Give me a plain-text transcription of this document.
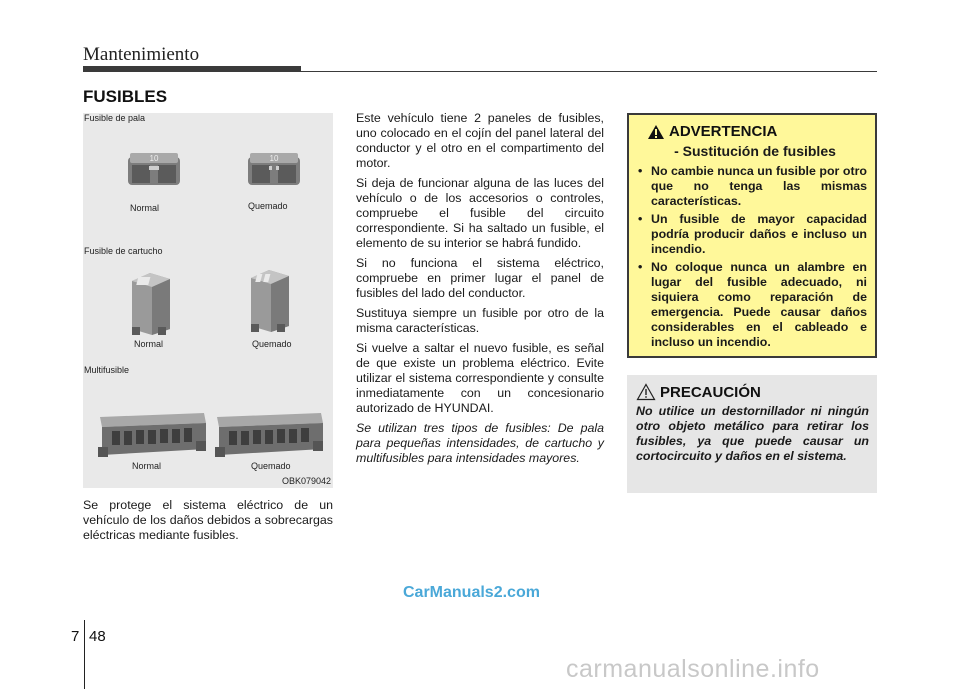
Mantenimiento
FUSIBLES
Fusible de pala
10	10
Normal	Quemado
Fusible de cartucho
Normal	Quemado
Multifusible
Normal	Quemado
OBK079042

Se protege el sistema eléctrico de un vehículo de los daños debidos a sobrecargas eléctricas mediante fusibles.

Este vehículo tiene 2 paneles de fusibles, uno colocado en el cojín del panel lateral del conductor y el otro en el compartimento del motor.

Si deja de funcionar alguna de las luces del vehículo o de los accesorios o controles, compruebe el fusible del circuito correspondiente. Si ha saltado un fusible, el elemento de su interior se habrá fundido.

Si no funciona el sistema eléctrico, compruebe en primer lugar el panel de fusibles del lado del conductor.

Sustituya siempre un fusible por otro de la misma características.

Si vuelve a saltar el nuevo fusible, es señal de que existe un problema eléctrico. Evite utilizar el sistema correspondiente y consulte inmediatamente con un concesionario autorizado de HYUNDAI.

Se utilizan tres tipos de fusibles: De pala para pequeñas intensidades, de cartucho y multifusibles para intensidades mayores.

ADVERTENCIA
- Sustitución de fusibles
• No cambie nunca un fusible por otro que no tenga las mismas características.
• Un fusible de mayor capacidad podría producir daños e incluso un incendio.
• No coloque nunca un alambre en lugar del fusible adecuado, ni siquiera como reparación de emergencia. Puede causar daños considerables en el cableado e incluso un incendio.
PRECAUCIÓN
No utilice un destornillador ni ningún otro objeto metálico para retirar los fusibles, ya que puede causar un cortocircuito y daños en el sistema.
CarManuals2.com
7 48
carmanualsonline.info
